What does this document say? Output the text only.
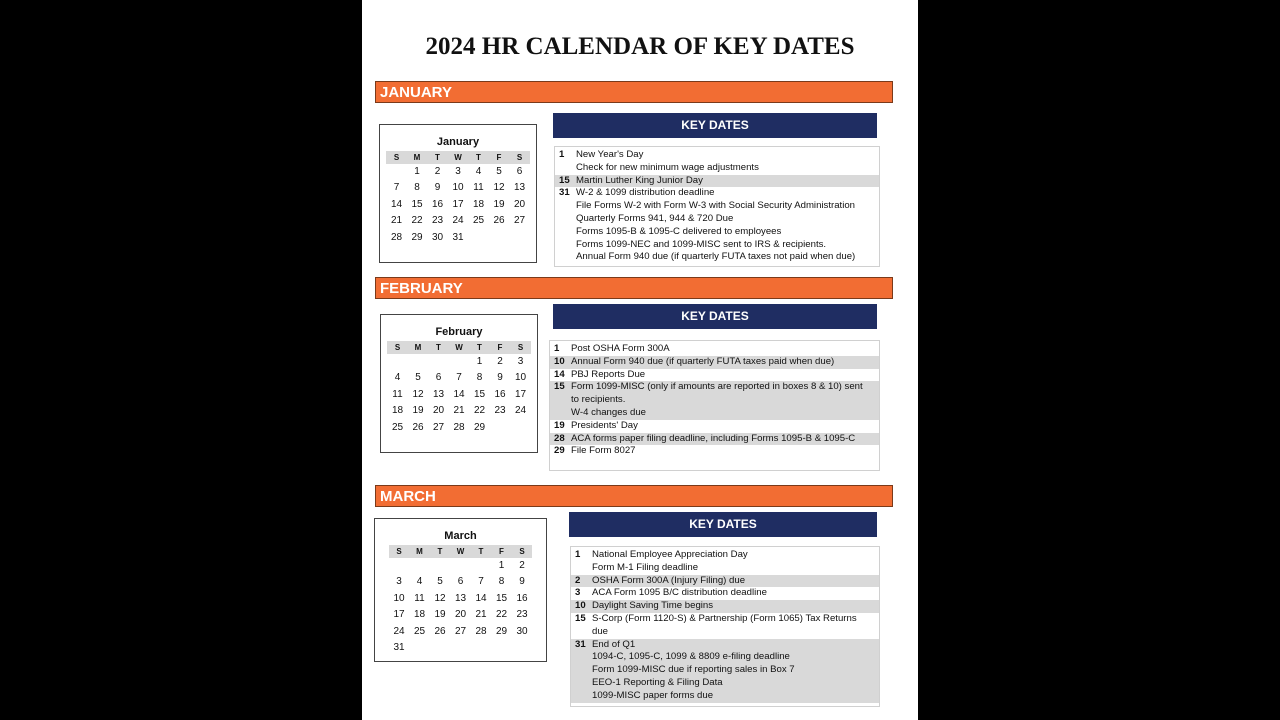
2024 HR CALENDAR OF KEY DATES
JANUARY
January
S	M	T	W	T	F	S
1	2	3	4	5	6
7	8	9	10 11 12 13
14 15 16 17 18 19 20
21 22 23 24 25 26 27
28 29 30 31
KEY DATES
1	New Year's Day
Check for new minimum wage adjustments
15 Martin Luther King Junior Day
31 W-2 & 1099 distribution deadline
File Forms W-2 with Form W-3 with Social Security Administration
Quarterly Forms 941, 944 & 720 Due
Forms 1095-B & 1095-C delivered to employees
Forms 1099-NEC and 1099-MISC sent to IRS & recipients.
Annual Form 940 due (if quarterly FUTA taxes not paid when due)
FEBRUARY
February
S	M	T	W	T	F	S
1	2	3
4	5	6	7	8	9	10
11 12 13 14 15 16 17
18 19 20 21 22 23 24
25 26 27 28 29
KEY DATES
1	Post OSHA Form 300A
10 Annual Form 940 due (if quarterly FUTA taxes paid when due)
14 PBJ Reports Due
15 Form 1099-MISC (only if amounts are reported in boxes 8 & 10) sent
to recipients.
W-4 changes due
19 Presidents' Day
28 ACA forms paper filing deadline, including Forms 1095-B & 1095-C
29 File Form 8027
MARCH
March
S	M	T	W	T	F	S
1	2
3	4	5	6	7	8	9
10 11 12 13 14 15 16
17 18 19 20 21 22 23
24 25 26 27 28 29 30
31
KEY DATES
1	National Employee Appreciation Day
Form M-1 Filing deadline
2	OSHA Form 300A (Injury Filing) due
3	ACA Form 1095 B/C distribution deadline
10 Daylight Saving Time begins
15 S-Corp (Form 1120-S) & Partnership (Form 1065) Tax Returns
due
31 End of Q1
1094-C, 1095-C, 1099 & 8809 e-filing deadline
Form 1099-MISC due if reporting sales in Box 7
EEO-1 Reporting & Filing Data
1099-MISC paper forms due
